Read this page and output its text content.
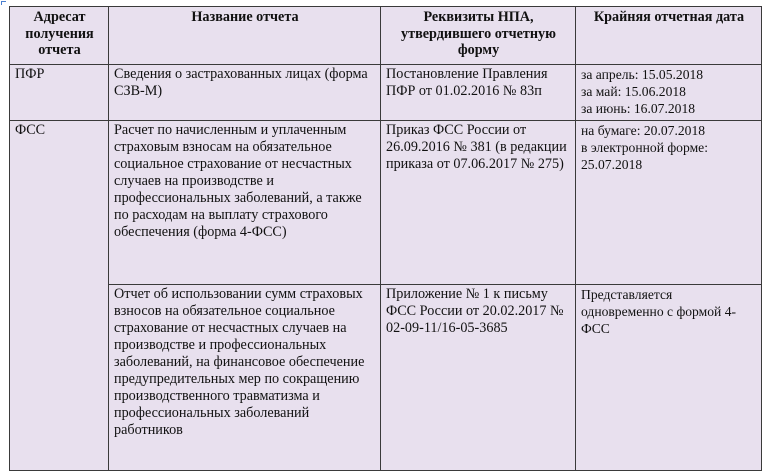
Адресат получения отчета	Название отчета	Реквизиты НПА, утвердившего отчетную форму	Крайняя отчетная дата
ПФР	Сведения о застрахованных лицах (форма СЗВ-М)	Постановление Правления ПФР от 01.02.2016 № 83п	за апрель: 15.05.2018
за май: 15.06.2018
за июнь: 16.07.2018

ФСС	Расчет по начисленным и уплаченным страховым взносам на обязательное социальное страхование от несчастных случаев на производстве и профессиональных заболеваний, а также по расходам на выплату страхового обеспечения (форма 4-ФСС)	Приказ ФСС России от 26.09.2016 № 381 (в редакции приказа от 07.06.2017 № 275)	на бумаге: 20.07.2018
в электронной форме: 25.07.2018

	Отчет об использовании сумм страховых взносов на обязательное социальное страхование от несчастных случаев на производстве и профессиональных заболеваний, на финансовое обеспечение предупредительных мер по сокращению производственного травматизма и профессиональных заболеваний работников	Приложение № 1 к письму ФСС России от 20.02.2017 № 02-09-11/16-05-3685	Представляется одновременно с формой 4-ФСС
